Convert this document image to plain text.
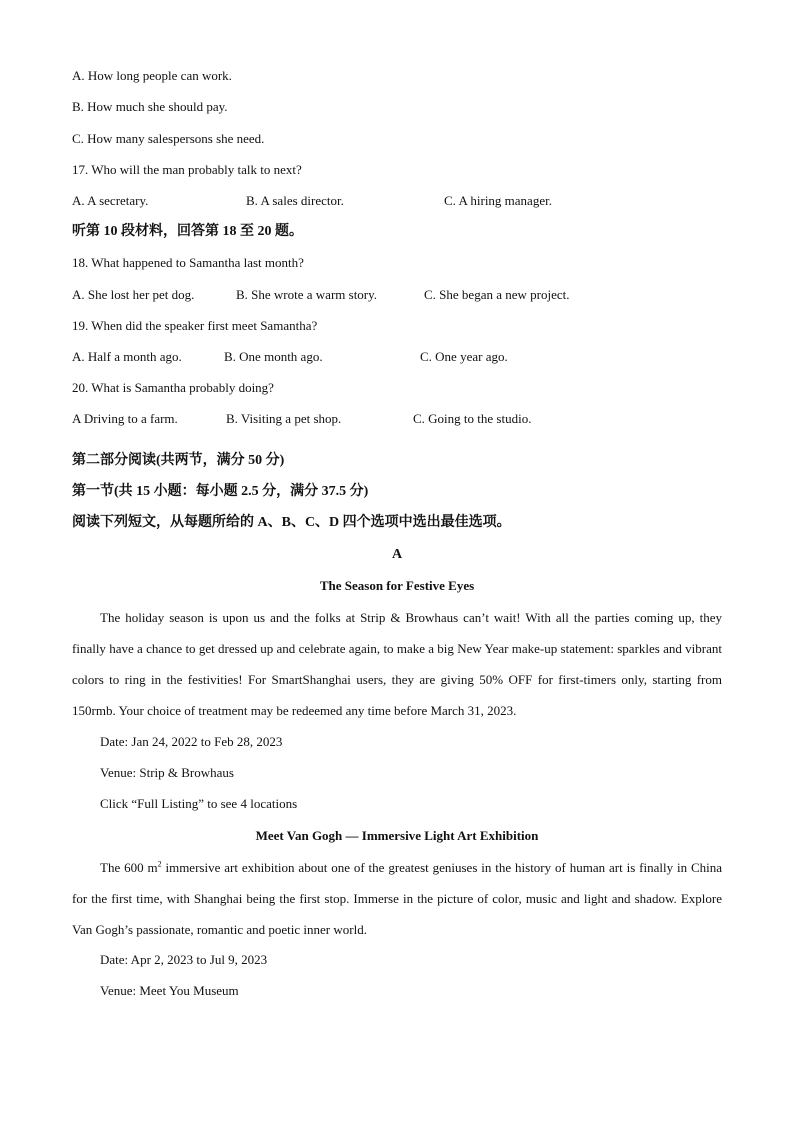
A. How long people can work.
B. How much she should pay.
C. How many salespersons she need.
17. Who will the man probably talk to next?
A. A secretary.	B. A sales director.	C. A hiring manager.
听第 10 段材料，回答第 18 至 20 题。
18. What happened to Samantha last month?
A. She lost her pet dog.	B. She wrote a warm story.	C. She began a new project.
19. When did the speaker first meet Samantha?
A. Half a month ago.	B. One month ago.	C. One year ago.
20. What is Samantha probably doing?
A Driving to a farm.	B. Visiting a pet shop.	C. Going to the studio.
第二部分阅读(共两节，满分 50 分)
第一节(共 15 小题：每小题 2.5 分，满分 37.5 分)
阅读下列短文，从每题所给的 A、B、C、D 四个选项中选出最佳选项。
A
The Season for Festive Eyes
The holiday season is upon us and the folks at Strip & Browhaus can’t wait! With all the parties coming up, they finally have a chance to get dressed up and celebrate again, to make a big New Year make-up statement: sparkles and vibrant colors to ring in the festivities! For SmartShanghai users, they are giving 50% OFF for first-timers only, starting from 150rmb. Your choice of treatment may be redeemed any time before March 31, 2023.
Date: Jan 24, 2022 to Feb 28, 2023
Venue: Strip & Browhaus
Click “Full Listing” to see 4 locations
Meet Van Gogh — Immersive Light Art Exhibition
The 600 $m^2$ immersive art exhibition about one of the greatest geniuses in the history of human art is finally in China for the first time, with Shanghai being the first stop. Immerse in the picture of color, music and light and shadow. Explore Van Gogh’s passionate, romantic and poetic inner world.
Date: Apr 2, 2023 to Jul 9, 2023
Venue: Meet You Museum
